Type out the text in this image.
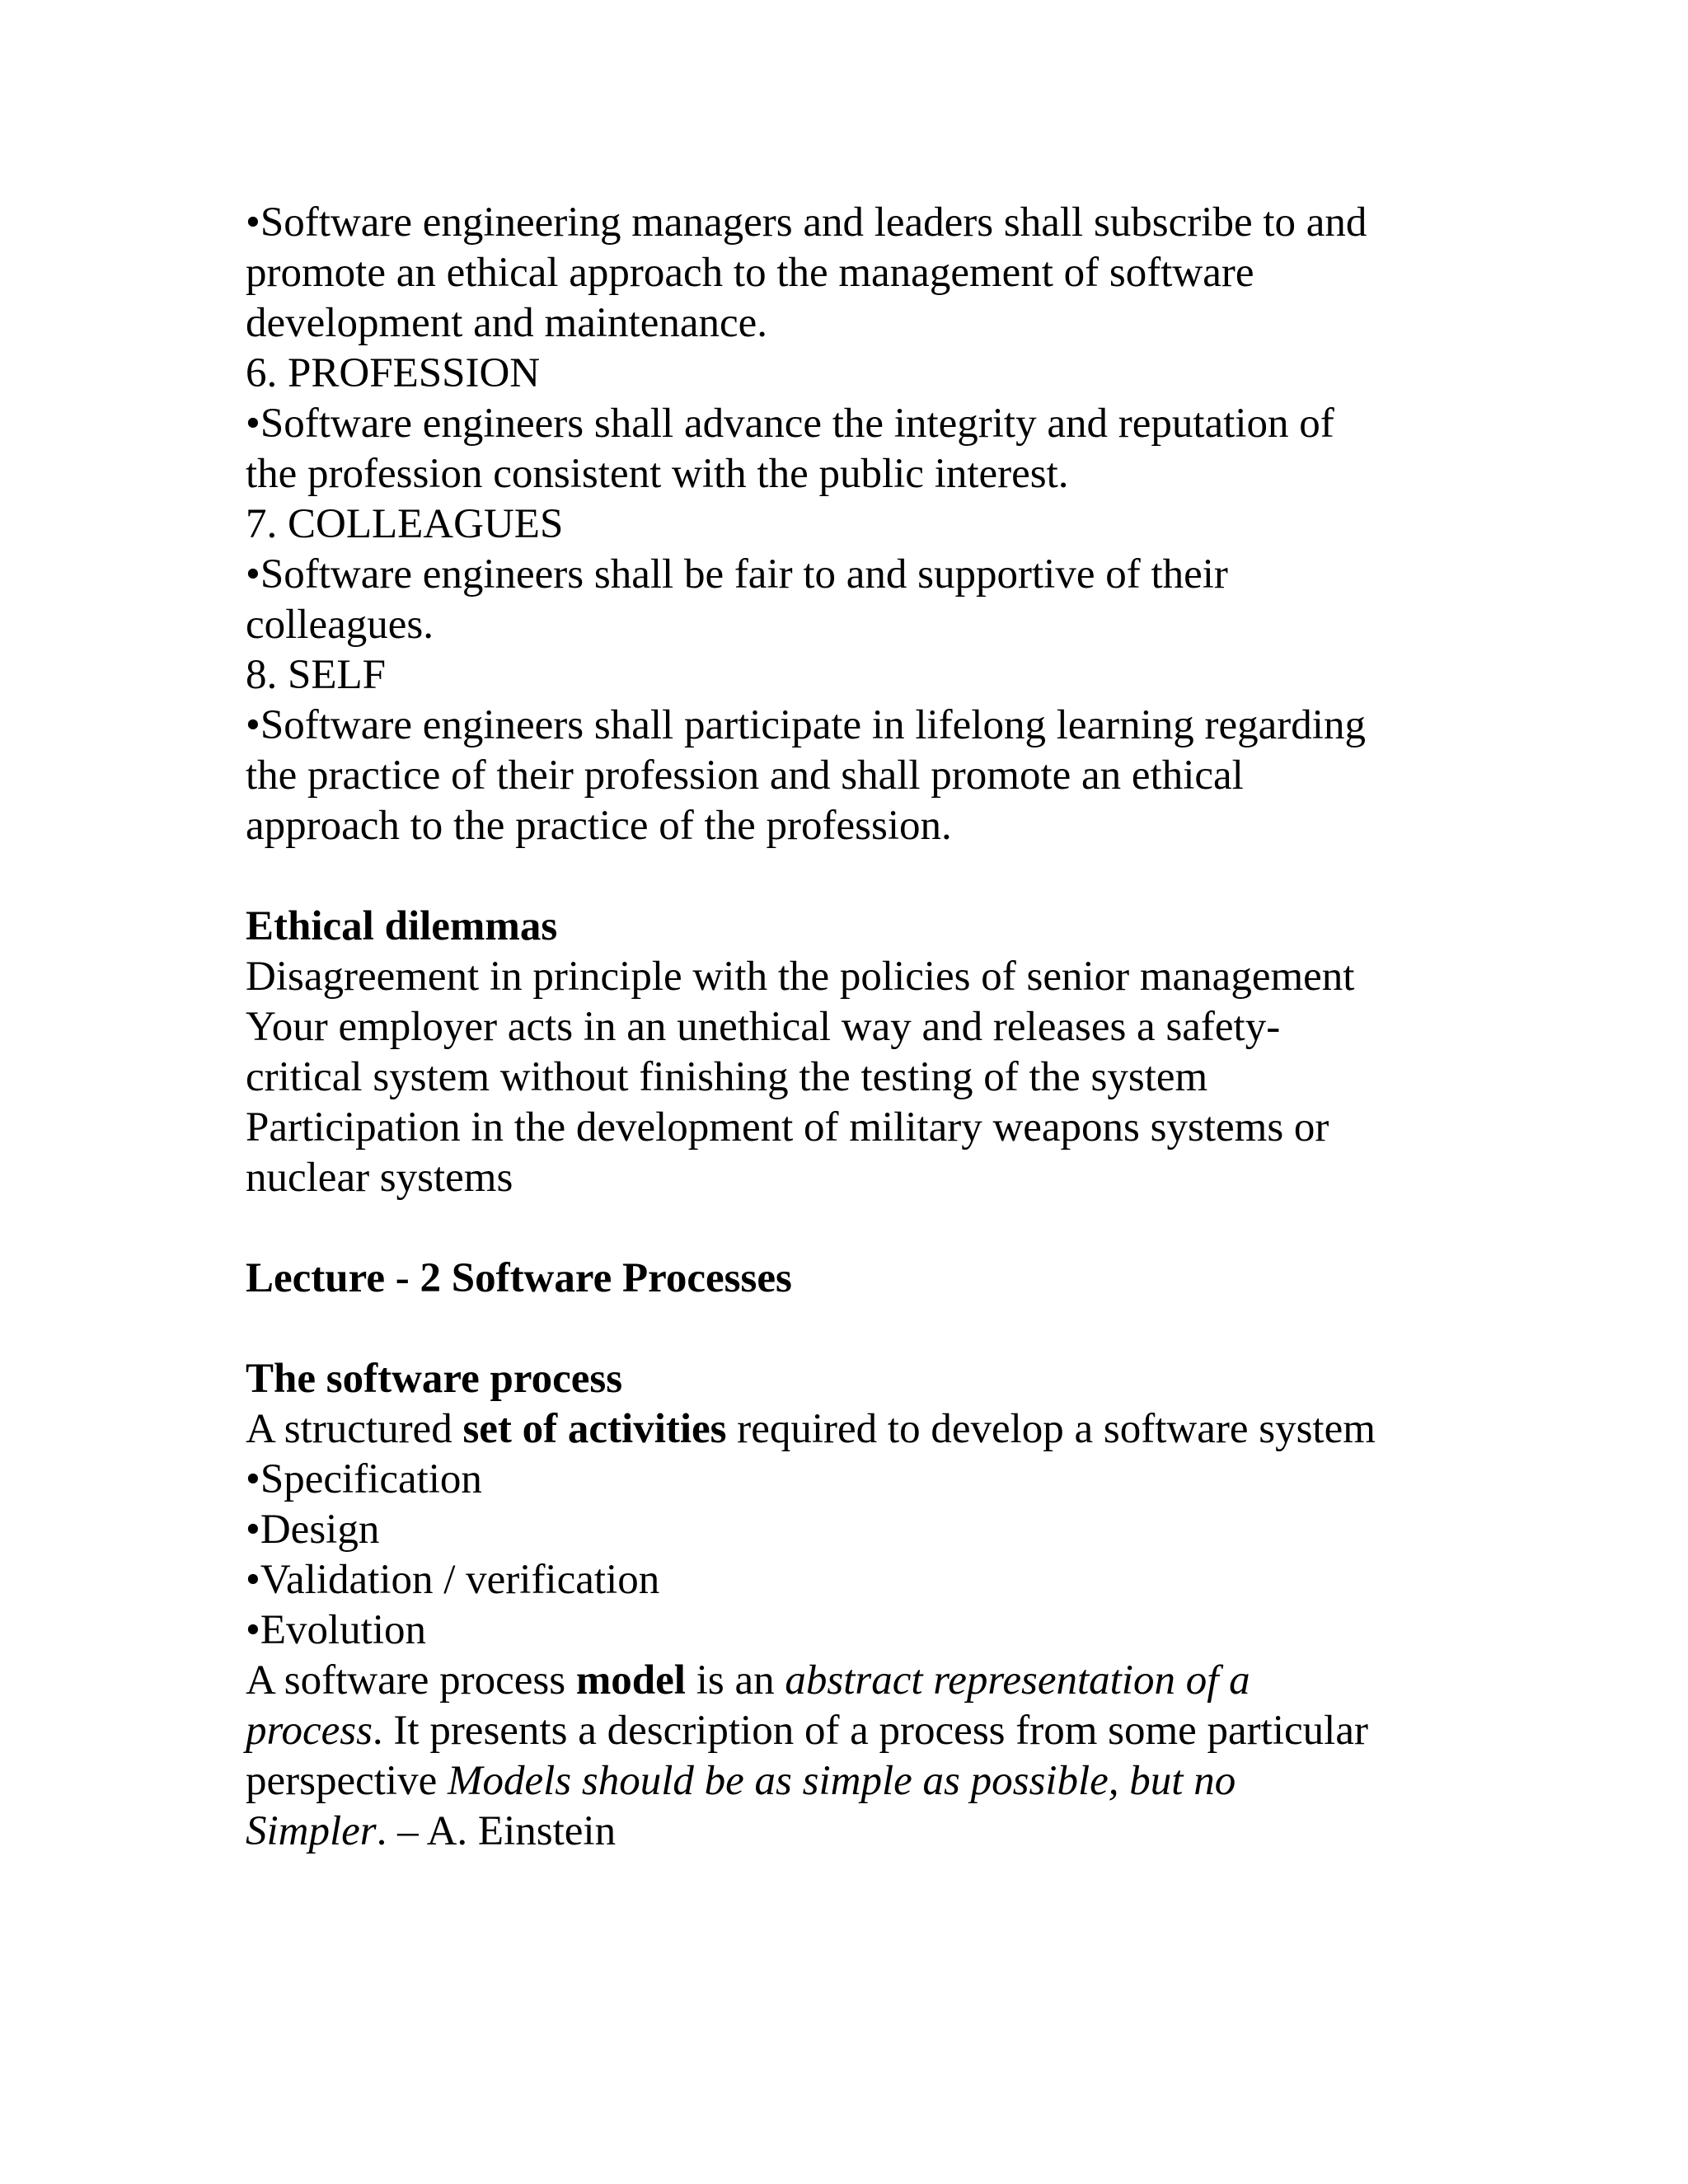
•Software engineering managers and leaders shall subscribe to and
promote an ethical approach to the management of software
development and maintenance.
6. PROFESSION
•Software engineers shall advance the integrity and reputation of
the profession consistent with the public interest.
7. COLLEAGUES
•Software engineers shall be fair to and supportive of their
colleagues.
8. SELF
•Software engineers shall participate in lifelong learning regarding
the practice of their profession and shall promote an ethical
approach to the practice of the profession.
Ethical dilemmas
Disagreement in principle with the policies of senior management
Your employer acts in an unethical way and releases a safety-
critical system without finishing the testing of the system
Participation in the development of military weapons systems or
nuclear systems
Lecture - 2 Software Processes
The software process
A structured set of activities required to develop a software system
•Specification
•Design
•Validation / verification
•Evolution
A software process model is an abstract representation of a
process. It presents a description of a process from some particular
perspective Models should be as simple as possible, but no
Simpler. – A. Einstein
